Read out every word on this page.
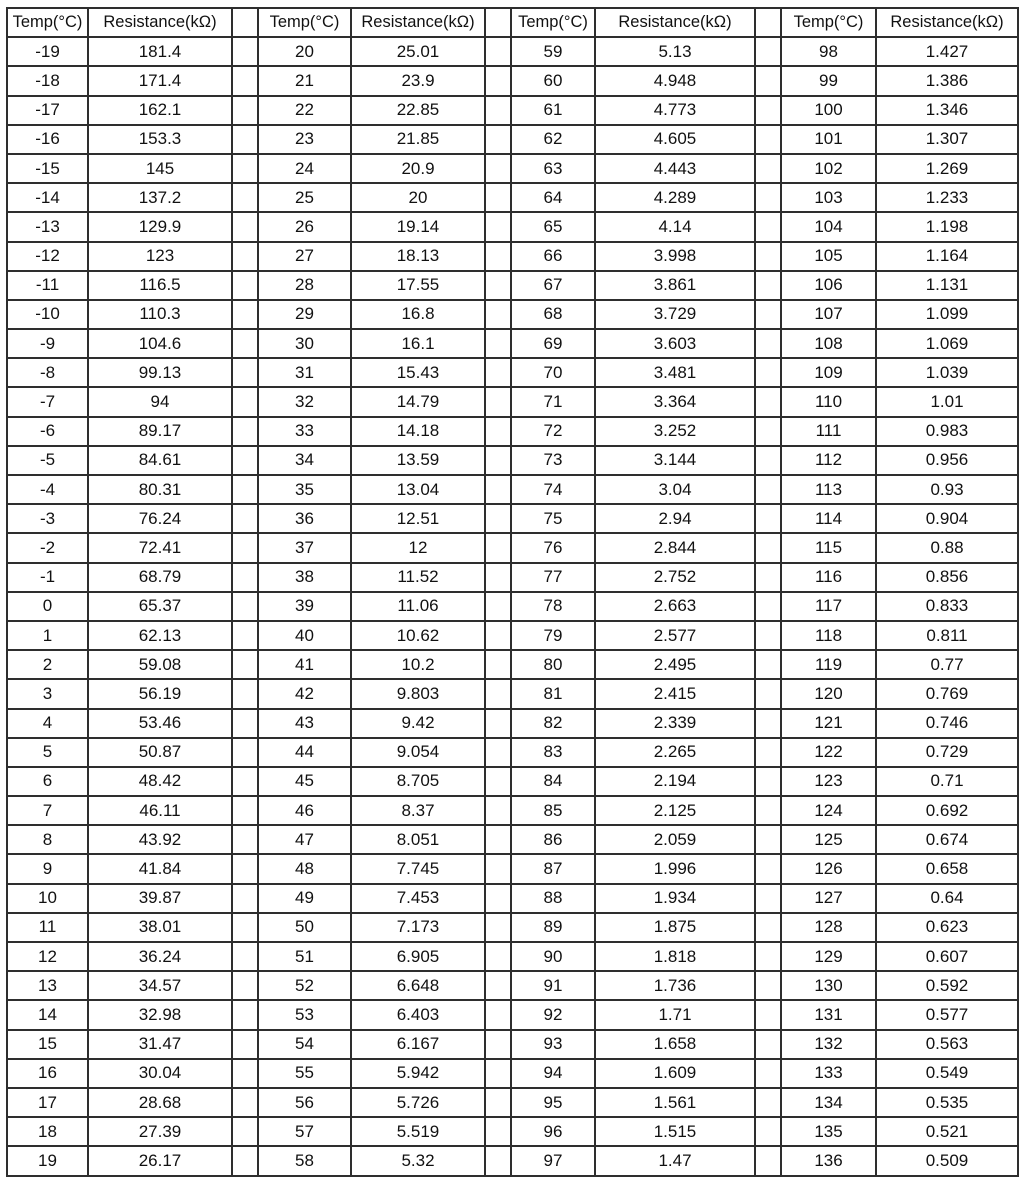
Temp(°C)	Resistance(kΩ)		Temp(°C)	Resistance(kΩ)		Temp(°C)	Resistance(kΩ)		Temp(°C)	Resistance(kΩ)
-19	181.4		20	25.01		59	5.13		98	1.427
-18	171.4		21	23.9		60	4.948		99	1.386
-17	162.1		22	22.85		61	4.773		100	1.346
-16	153.3		23	21.85		62	4.605		101	1.307
-15	145		24	20.9		63	4.443		102	1.269
-14	137.2		25	20		64	4.289		103	1.233
-13	129.9		26	19.14		65	4.14		104	1.198
-12	123		27	18.13		66	3.998		105	1.164
-11	116.5		28	17.55		67	3.861		106	1.131
-10	110.3		29	16.8		68	3.729		107	1.099
-9	104.6		30	16.1		69	3.603		108	1.069
-8	99.13		31	15.43		70	3.481		109	1.039
-7	94		32	14.79		71	3.364		110	1.01
-6	89.17		33	14.18		72	3.252		111	0.983
-5	84.61		34	13.59		73	3.144		112	0.956
-4	80.31		35	13.04		74	3.04		113	0.93
-3	76.24		36	12.51		75	2.94		114	0.904
-2	72.41		37	12		76	2.844		115	0.88
-1	68.79		38	11.52		77	2.752		116	0.856
0	65.37		39	11.06		78	2.663		117	0.833
1	62.13		40	10.62		79	2.577		118	0.811
2	59.08		41	10.2		80	2.495		119	0.77
3	56.19		42	9.803		81	2.415		120	0.769
4	53.46		43	9.42		82	2.339		121	0.746
5	50.87		44	9.054		83	2.265		122	0.729
6	48.42		45	8.705		84	2.194		123	0.71
7	46.11		46	8.37		85	2.125		124	0.692
8	43.92		47	8.051		86	2.059		125	0.674
9	41.84		48	7.745		87	1.996		126	0.658
10	39.87		49	7.453		88	1.934		127	0.64
11	38.01		50	7.173		89	1.875		128	0.623
12	36.24		51	6.905		90	1.818		129	0.607
13	34.57		52	6.648		91	1.736		130	0.592
14	32.98		53	6.403		92	1.71		131	0.577
15	31.47		54	6.167		93	1.658		132	0.563
16	30.04		55	5.942		94	1.609		133	0.549
17	28.68		56	5.726		95	1.561		134	0.535
18	27.39		57	5.519		96	1.515		135	0.521
19	26.17		58	5.32		97	1.47		136	0.509
